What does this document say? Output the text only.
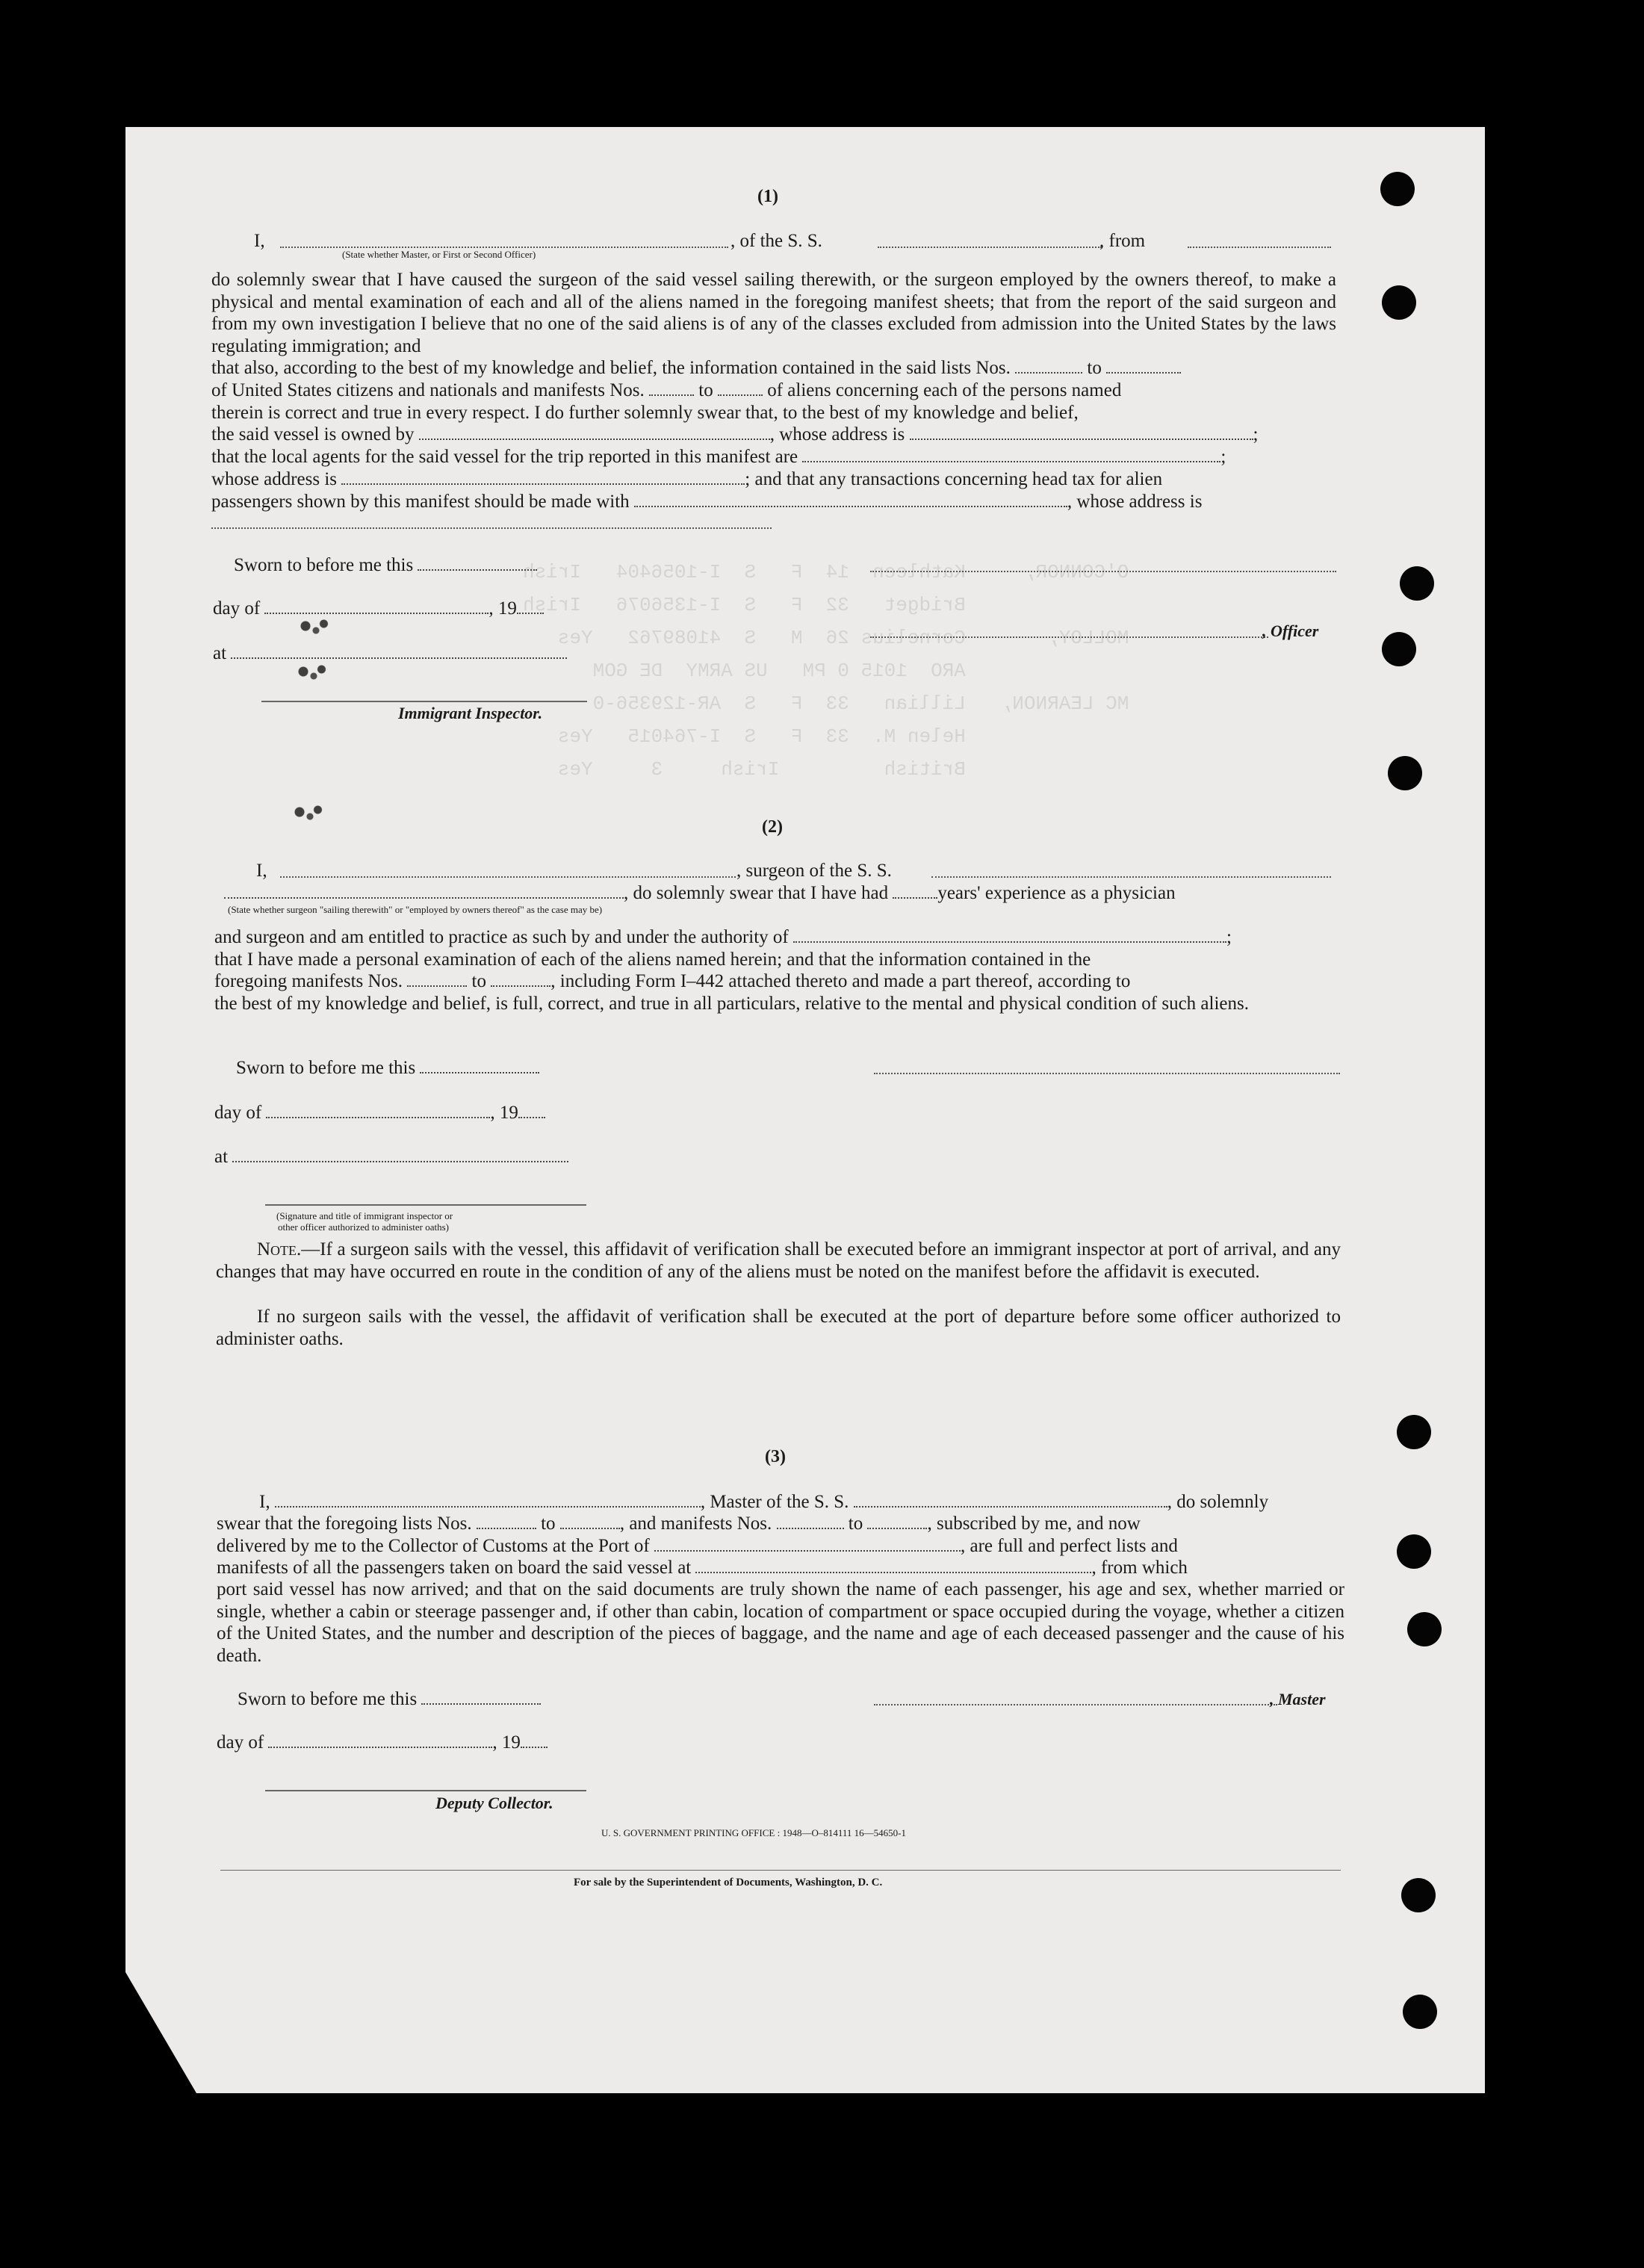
O'CONNOR,     Kathleen  14  F   S  I-1056404   Irish
Bridget   32  F   S  I-1356076   Irish
MOLLOY,       Cornelius 26  M   S  41089762   Yes
ARO  1015 0 PM   US ARMY  DE GOM
MC LEARNON,   Lillian   33  F   S  AR-129356-0
Helen M.  33  F   S  I-764015   Yes
British         Irish     3     Yes

(1)
I,	, of the S. S.	, from
(State whether Master, or First or Second Officer)
do solemnly swear that I have caused the surgeon of the said vessel sailing therewith, or the surgeon employed by the owners thereof, to make a physical and mental examination of each and all of the aliens named in the foregoing manifest sheets; that from the report of the said surgeon and from my own investigation I believe that no one of the said aliens is of any of the classes excluded from admission into the United States by the laws regulating immigration; and
that also, according to the best of my knowledge and belief, the information contained in the said lists Nos.	to
of United States citizens and nationals and manifests Nos.	to	of aliens concerning each of the persons named
therein is correct and true in every respect. I do further solemnly swear that, to the best of my knowledge and belief,
the said vessel is owned by	, whose address is	;
that the local agents for the said vessel for the trip reported in this manifest are	;
whose address is	; and that any transactions concerning head tax for alien
passengers shown by this manifest should be made with	, whose address is
Sworn to before me this
day of	, 19
at
Immigrant Inspector.
, Officer
(2)
I,	, surgeon of the S. S.
, do solemnly swear that I have had	years' experience as a physician
(State whether surgeon "sailing therewith" or "employed by owners thereof" as the case may be)
and surgeon and am entitled to practice as such by and under the authority of	;
that I have made a personal examination of each of the aliens named herein; and that the information contained in the
foregoing manifests Nos.	to	, including Form I–442 attached thereto and made a part thereof, according to
the best of my knowledge and belief, is full, correct, and true in all particulars, relative to the mental and physical condition of such aliens.
Sworn to before me this
day of	, 19
at
(Signature and title of immigrant inspector or
other officer authorized to administer oaths)
Note.—If a surgeon sails with the vessel, this affidavit of verification shall be executed before an immigrant inspector at port of arrival, and any changes that may have occurred en route in the condition of any of the aliens must be noted on the manifest before the affidavit is executed.
If no surgeon sails with the vessel, the affidavit of verification shall be executed at the port of departure before some officer authorized to administer oaths.
(3)
I,	, Master of the S. S.	, do solemnly
swear that the foregoing lists Nos.	to	, and manifests Nos.	to	, subscribed by me, and now
delivered by me to the Collector of Customs at the Port of	, are full and perfect lists and
manifests of all the passengers taken on board the said vessel at	, from which
port said vessel has now arrived; and that on the said documents are truly shown the name of each passenger, his age and sex, whether married or single, whether a cabin or steerage passenger and, if other than cabin, location of compartment or space occupied during the voyage, whether a citizen of the United States, and the number and description of the pieces of baggage, and the name and age of each deceased passenger and the cause of his death.
Sworn to before me this	, Master
day of	, 19
Deputy Collector.
U. S. GOVERNMENT PRINTING OFFICE : 1948—O–814111 16—54650-1
For sale by the Superintendent of Documents, Washington, D. C.
